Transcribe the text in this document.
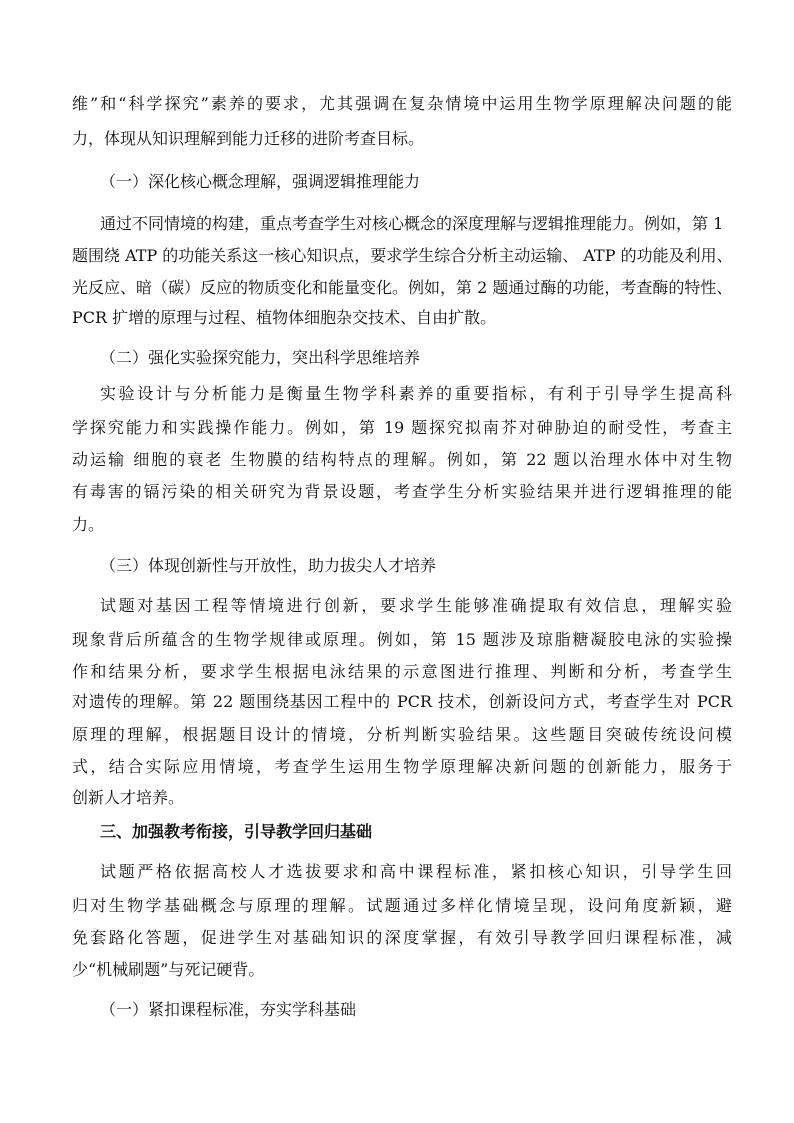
维”和“科学探究”素养的要求，尤其强调在复杂情境中运用生物学原理解决问题的能
力，体现从知识理解到能力迁移的进阶考查目标。
（一）深化核心概念理解，强调逻辑推理能力
通过不同情境的构建，重点考查学生对核心概念的深度理解与逻辑推理能力。例如，第 1
题围绕 ATP 的功能关系这一核心知识点，要求学生综合分析主动运输、 ATP 的功能及利用、
光反应、暗（碳）反应的物质变化和能量变化。例如，第 2 题通过酶的功能，考查酶的特性、
PCR 扩增的原理与过程、植物体细胞杂交技术、自由扩散。
（二）强化实验探究能力，突出科学思维培养
实验设计与分析能力是衡量生物学科素养的重要指标，有利于引导学生提高科
学探究能力和实践操作能力。例如，第 19 题探究拟南芥对砷胁迫的耐受性，考查主
动运输 细胞的衰老 生物膜的结构特点的理解。例如，第 22 题以治理水体中对生物
有毒害的镉污染的相关研究为背景设题，考查学生分析实验结果并进行逻辑推理的能
力。
（三）体现创新性与开放性，助力拔尖人才培养
试题对基因工程等情境进行创新，要求学生能够准确提取有效信息，理解实验
现象背后所蕴含的生物学规律或原理。例如，第 15 题涉及琼脂糖凝胶电泳的实验操
作和结果分析，要求学生根据电泳结果的示意图进行推理、判断和分析，考查学生
对遗传的理解。第 22 题围绕基因工程中的 PCR 技术，创新设问方式，考查学生对 PCR
原理的理解，根据题目设计的情境，分析判断实验结果。这些题目突破传统设问模
式，结合实际应用情境，考查学生运用生物学原理解决新问题的创新能力，服务于
创新人才培养。
三、加强教考衔接，引导教学回归基础
试题严格依据高校人才选拔要求和高中课程标准，紧扣核心知识，引导学生回
归对生物学基础概念与原理的理解。试题通过多样化情境呈现，设问角度新颖，避
免套路化答题，促进学生对基础知识的深度掌握，有效引导教学回归课程标准，减
少“机械刷题”与死记硬背。
（一）紧扣课程标准，夯实学科基础
